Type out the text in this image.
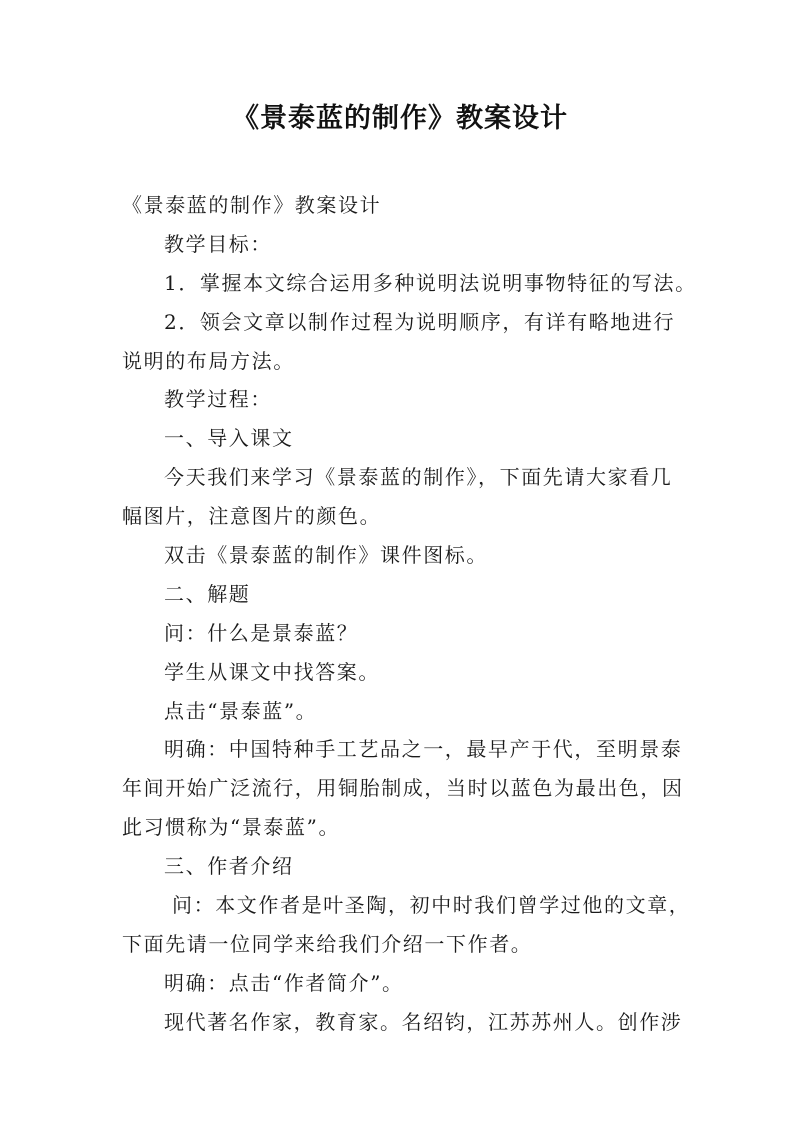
《景泰蓝的制作》教案设计
《景泰蓝的制作》教案设计
教学目标：
1．掌握本文综合运用多种说明法说明事物特征的写法。
2．领会文章以制作过程为说明顺序，有详有略地进行
说明的布局方法。
教学过程：
一、导入课文
今天我们来学习《景泰蓝的制作》，下面先请大家看几
幅图片，注意图片的颜色。
双击《景泰蓝的制作》课件图标。
二、解题
问：什么是景泰蓝？
学生从课文中找答案。
点击“景泰蓝”。
明确：中国特种手工艺品之一，最早产于代，至明景泰
年间开始广泛流行，用铜胎制成，当时以蓝色为最出色，因
此习惯称为“景泰蓝”。
三、作者介绍
问：本文作者是叶圣陶，初中时我们曾学过他的文章，
下面先请一位同学来给我们介绍一下作者。
明确：点击“作者简介”。
现代著名作家，教育家。名绍钧，江苏苏州人。创作涉
